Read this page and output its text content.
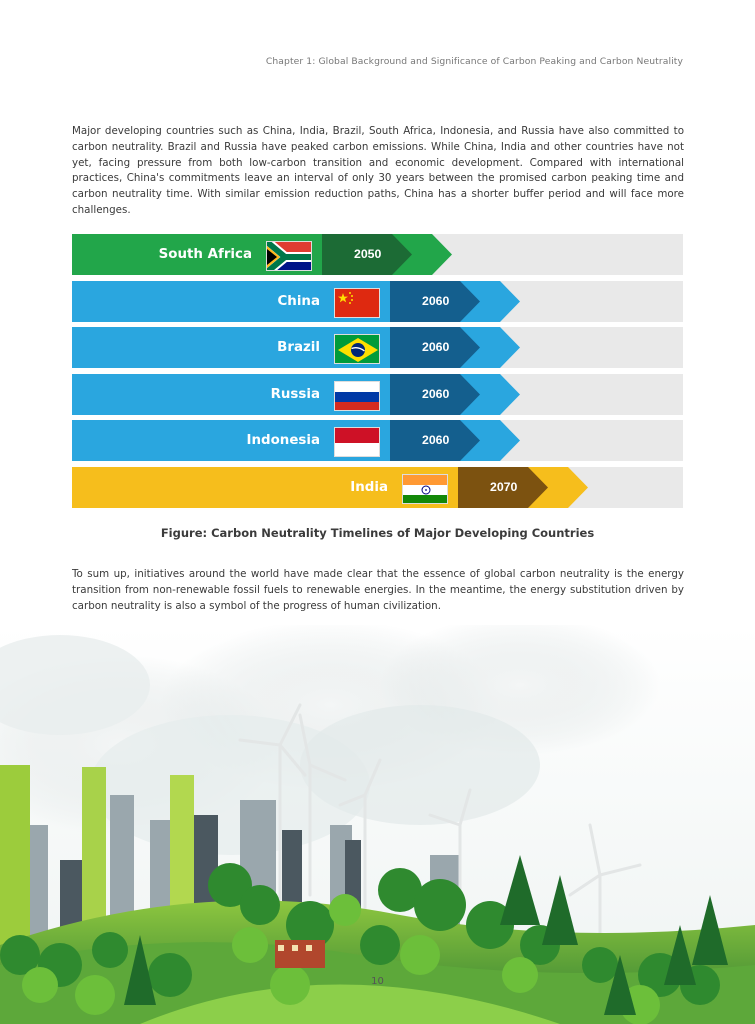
Chapter 1: Global Background and Significance of Carbon Peaking and Carbon Neutrality

Major developing countries such as China, India, Brazil, South Africa, Indonesia, and Russia have also committed to carbon neutrality. Brazil and Russia have peaked carbon emissions. While China, India and other countries have not yet, facing pressure from both low-carbon transition and economic development. Compared with international practices, China's commitments leave an interval of only 30 years between the promised carbon peaking time and carbon neutrality time. With similar emission reduction paths, China has a shorter buffer period and will face more challenges.

South Africa	2050
China	2060
Brazil	2060
Russia	2060
Indonesia	2060
India	2070
Figure: Carbon Neutrality Timelines of Major Developing Countries

To sum up, initiatives around the world have made clear that the essence of global carbon neutrality is the energy transition from non-renewable fossil fuels to renewable energies. In the meantime, the energy substitution driven by carbon neutrality is also a symbol of the progress of human civilization.

10
